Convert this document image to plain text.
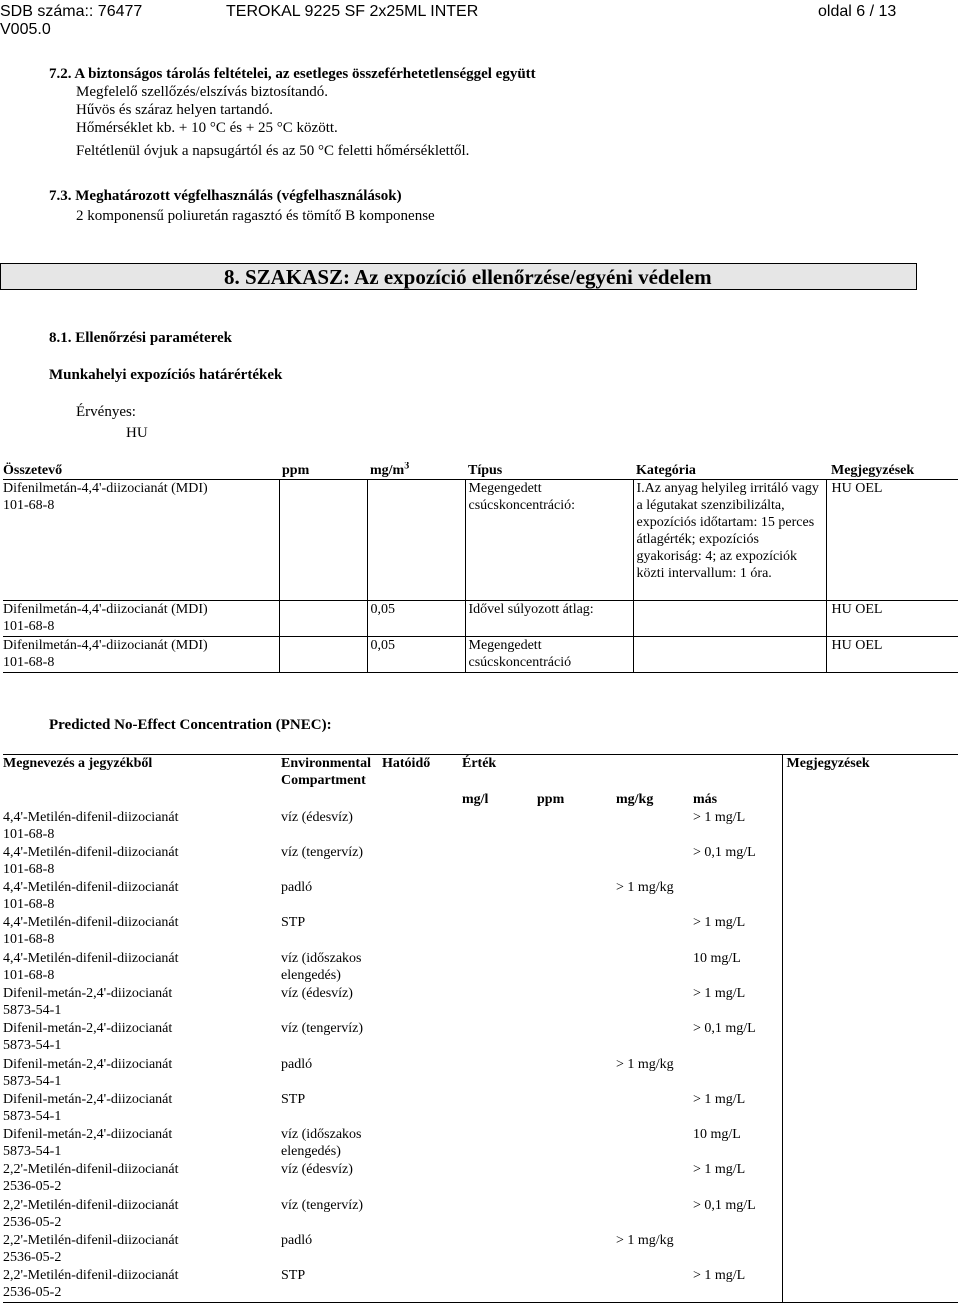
SDB száma:: 76477
V005.0
TEROKAL 9225 SF 2x25ML INTER	oldal 6 / 13
7.2. A biztonságos tárolás feltételei, az esetleges összeférhetetlenséggel együtt
Megfelelő szellőzés/elszívás biztosítandó.
Hűvös és száraz helyen tartandó.
Hőmérséklet kb. + 10 °C és + 25 °C között.
Feltétlenül óvjuk a napsugártól és az 50 °C feletti hőmérséklettől.
7.3. Meghatározott végfelhasználás (végfelhasználások)
2 komponensű poliuretán ragasztó és tömítő B komponense
8. SZAKASZ: Az expozíció ellenőrzése/egyéni védelem
8.1. Ellenőrzési paraméterek
Munkahelyi expozíciós határértékek
Érvényes:
HU
Összetevő	ppm	$mg/m^3$	Típus	Kategória	Megjegyzések

Difenilmetán-4,4'-diizocianát (MDI)
101-68-8			Megengedett csúcskoncentráció:	I.Az anyag helyileg irritáló vagy a légutakat szenzibilizálta, expozíciós időtartam: 15 perces átlagérték; expozíciós gyakoriság: 4; az expozíciók közti intervallum: 1 óra.	HU OEL

Difenilmetán-4,4'-diizocianát (MDI)
101-68-8		0,05	Idővel súlyozott átlag:		HU OEL

Difenilmetán-4,4'-diizocianát (MDI)
101-68-8		0,05	Megengedett csúcskoncentráció		HU OEL
Predicted No-Effect Concentration (PNEC):
Megnevezés a jegyzékből	Environmental Compartment	Hatóidő	Érték				Megjegyzések
			mg/l	ppm	mg/kg	más	

4,4'-Metilén-difenil-diizocianát
101-68-8	víz (édesvíz)					> 1 mg/L	

4,4'-Metilén-difenil-diizocianát
101-68-8	víz (tengervíz)					> 0,1 mg/L	

4,4'-Metilén-difenil-diizocianát
101-68-8	padló				> 1 mg/kg		

4,4'-Metilén-difenil-diizocianát
101-68-8	STP					> 1 mg/L	

4,4'-Metilén-difenil-diizocianát
101-68-8	víz (időszakos elengedés)					10 mg/L	

Difenil-metán-2,4'-diizocianát
5873-54-1	víz (édesvíz)					> 1 mg/L	

Difenil-metán-2,4'-diizocianát
5873-54-1	víz (tengervíz)					> 0,1 mg/L	

Difenil-metán-2,4'-diizocianát
5873-54-1	padló				> 1 mg/kg		

Difenil-metán-2,4'-diizocianát
5873-54-1	STP					> 1 mg/L	

Difenil-metán-2,4'-diizocianát
5873-54-1	víz (időszakos elengedés)					10 mg/L	

2,2'-Metilén-difenil-diizocianát
2536-05-2	víz (édesvíz)					> 1 mg/L	

2,2'-Metilén-difenil-diizocianát
2536-05-2	víz (tengervíz)					> 0,1 mg/L	

2,2'-Metilén-difenil-diizocianát
2536-05-2	padló				> 1 mg/kg		

2,2'-Metilén-difenil-diizocianát
2536-05-2	STP					> 1 mg/L	
